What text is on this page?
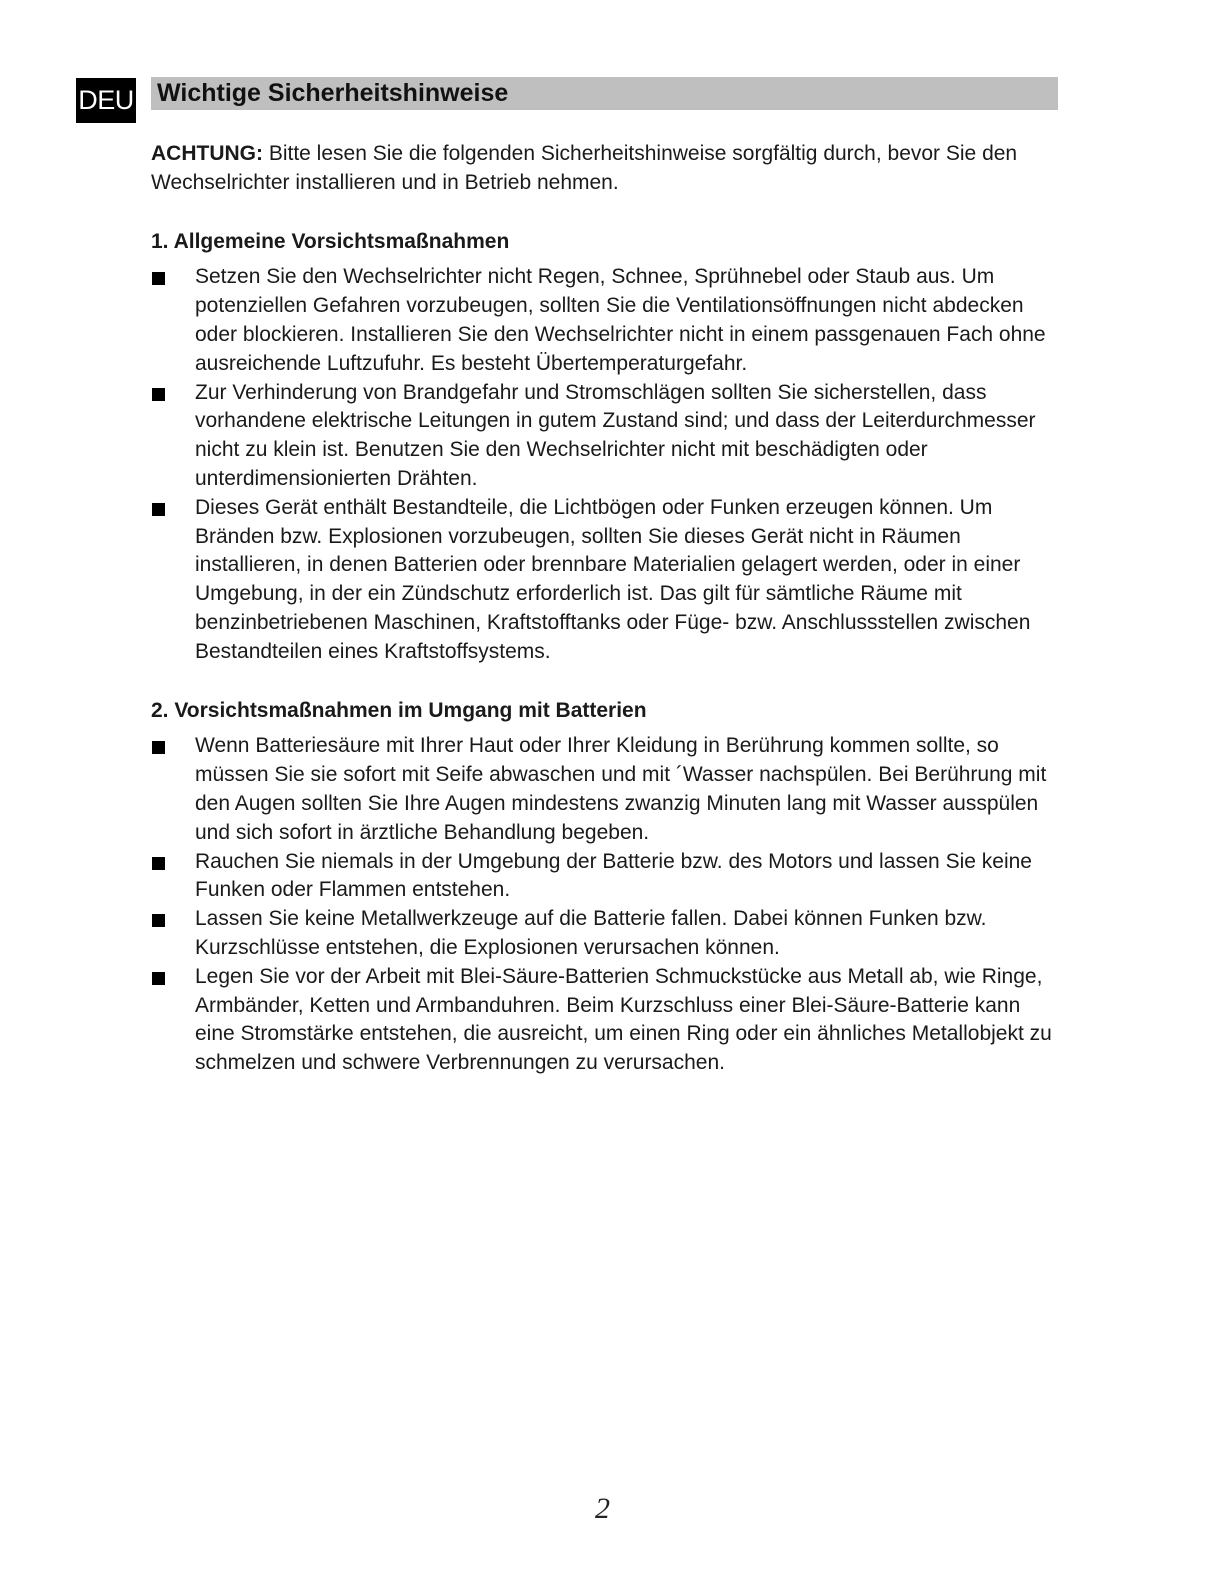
DEU Wichtige Sicherheitshinweise

ACHTUNG: Bitte lesen Sie die folgenden Sicherheitshinweise sorgfältig durch, bevor Sie den Wechselrichter installieren und in Betrieb nehmen.

1. Allgemeine Vorsichtsmaßnahmen
Setzen Sie den Wechselrichter nicht Regen, Schnee, Sprühnebel oder Staub aus. Um potenziellen Gefahren vorzubeugen, sollten Sie die Ventilationsöffnungen nicht abdecken oder blockieren. Installieren Sie den Wechselrichter nicht in einem passgenauen Fach ohne ausreichende Luftzufuhr. Es besteht Übertemperaturgefahr.
Zur Verhinderung von Brandgefahr und Stromschlägen sollten Sie sicherstellen, dass vorhandene elektrische Leitungen in gutem Zustand sind; und dass der Leiterdurchmesser nicht zu klein ist. Benutzen Sie den Wechselrichter nicht mit beschädigten oder unterdimensionierten Drähten.
Dieses Gerät enthält Bestandteile, die Lichtbögen oder Funken erzeugen können. Um Bränden bzw. Explosionen vorzubeugen, sollten Sie dieses Gerät nicht in Räumen installieren, in denen Batterien oder brennbare Materialien gelagert werden, oder in einer Umgebung, in der ein Zündschutz erforderlich ist. Das gilt für sämtliche Räume mit benzinbetriebenen Maschinen, Kraftstofftanks oder Füge- bzw. Anschlussstellen zwischen Bestandteilen eines Kraftstoffsystems.
2. Vorsichtsmaßnahmen im Umgang mit Batterien
Wenn Batteriesäure mit Ihrer Haut oder Ihrer Kleidung in Berührung kommen sollte, so müssen Sie sie sofort mit Seife abwaschen und mit ´Wasser nachspülen. Bei Berührung mit den Augen sollten Sie Ihre Augen mindestens zwanzig Minuten lang mit Wasser ausspülen und sich sofort in ärztliche Behandlung begeben.
Rauchen Sie niemals in der Umgebung der Batterie bzw. des Motors und lassen Sie keine Funken oder Flammen entstehen.
Lassen Sie keine Metallwerkzeuge auf die Batterie fallen. Dabei können Funken bzw. Kurzschlüsse entstehen, die Explosionen verursachen können.
Legen Sie vor der Arbeit mit Blei-Säure-Batterien Schmuckstücke aus Metall ab, wie Ringe, Armbänder, Ketten und Armbanduhren. Beim Kurzschluss einer Blei-Säure-Batterie kann eine Stromstärke entstehen, die ausreicht, um einen Ring oder ein ähnliches Metallobjekt zu schmelzen und schwere Verbrennungen zu verursachen.
2
